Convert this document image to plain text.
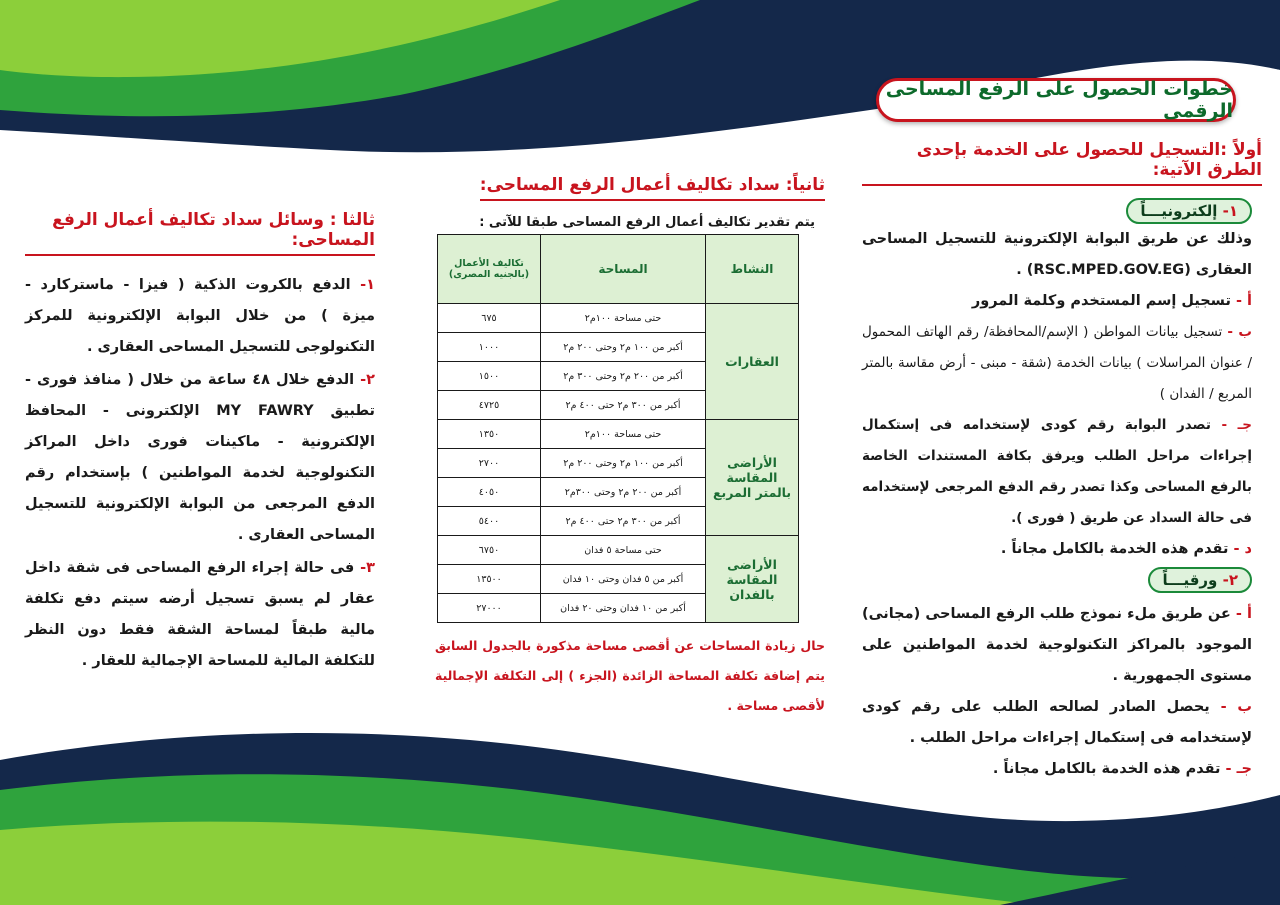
خطوات الحصول على الرفع المساحى الرقمى
أولاً :التسجيل للحصول على الخدمة بإحدى الطرق الآتية:
١- إلكترونيـــاً

وذلك عن طريق البوابة الإلكترونية للتسجيل المساحى العقارى (RSC.MPED.GOV.EG) .

أ - تسجيل إسم المستخدم وكلمة المرور

ب - تسجيل بيانات المواطن ( الإسم/المحافظة/ رقم الهاتف المحمول / عنوان المراسلات ) بيانات الخدمة (شقة - مبنى - أرض مقاسة بالمتر المربع / الفدان )

جـ - تصدر البوابة رقم كودى لإستخدامه فى إستكمال إجراءات مراحل الطلب ويرفق بكافة المستندات الخاصة بالرفع المساحى وكذا تصدر رقم الدفع المرجعى لإستخدامه فى حالة السداد عن طريق ( فورى ).

د - تقدم هذه الخدمة بالكامل مجاناً .

٢- ورقيـــاً

أ - عن طريق ملء نموذج طلب الرفع المساحى (مجانى) الموجود بالمراكز التكنولوجية لخدمة المواطنين على مستوى الجمهورية .

ب - يحصل الصادر لصالحه الطلب على رقم كودى لإستخدامه فى إستكمال إجراءات مراحل الطلب .

جـ - تقدم هذه الخدمة بالكامل مجاناً .

ثانياً: سداد تكاليف أعمال الرفع المساحى:
يتم تقدير تكاليف أعمال الرفع المساحى طبقا للآتى :
النشاط	المساحة	تكاليف الأعمال (بالجنيه المصرى)
العقارات	حتى مساحة ١٠٠م٢	٦٧٥
	أكبر من ١٠٠ م٢ وحتى ٢٠٠ م٢	١٠٠٠
	أكبر من ٢٠٠ م٢ وحتى ٣٠٠ م٢	١٥٠٠
	أكبر من ٣٠٠ م٢ حتى ٤٠٠ م٢	٤٧٢٥
الأراضى المقاسة بالمتر المربع	حتى مساحة ١٠٠م٢	١٣٥٠
	أكبر من ١٠٠ م٢ وحتى ٢٠٠ م٢	٢٧٠٠
	أكبر من ٢٠٠ م٢ وحتى ٣٠٠م٢	٤٠٥٠
	أكبر من ٣٠٠ م٢ حتى ٤٠٠ م٢	٥٤٠٠
الأراضى المقاسة بالفدان	حتى مساحة ٥ فدان	٦٧٥٠
	أكبر من ٥ فدان وحتى ١٠ فدان	١٣٥٠٠
	أكبر من ١٠ فدان وحتى ٢٠ فدان	٢٧٠٠٠

حال زيادة المساحات عن أقصى مساحة مذكورة بالجدول السابق يتم إضافة تكلفة المساحة الزائدة (الجزء ) إلى التكلفة الإجمالية لأقصى مساحة .

ثالثا : وسائل سداد تكاليف أعمال الرفع المساحى:

١- الدفع بالكروت الذكية ( فيزا - ماستركارد - ميزة ) من خلال البوابة الإلكترونية للمركز التكنولوجى للتسجيل المساحى العقارى .

٢- الدفع خلال ٤٨ ساعة من خلال ( منافذ فورى - تطبيق MY FAWRY الإلكترونى - المحافظ الإلكترونية - ماكينات فورى داخل المراكز التكنولوجية لخدمة المواطنين ) بإستخدام رقم الدفع المرجعى من البوابة الإلكترونية للتسجيل المساحى العقارى .

٣- فى حالة إجراء الرفع المساحى فى شقة داخل عقار لم يسبق تسجيل أرضه سيتم دفع تكلفة مالية طبقاً لمساحة الشقة فقط دون النظر للتكلفة المالية للمساحة الإجمالية للعقار .
